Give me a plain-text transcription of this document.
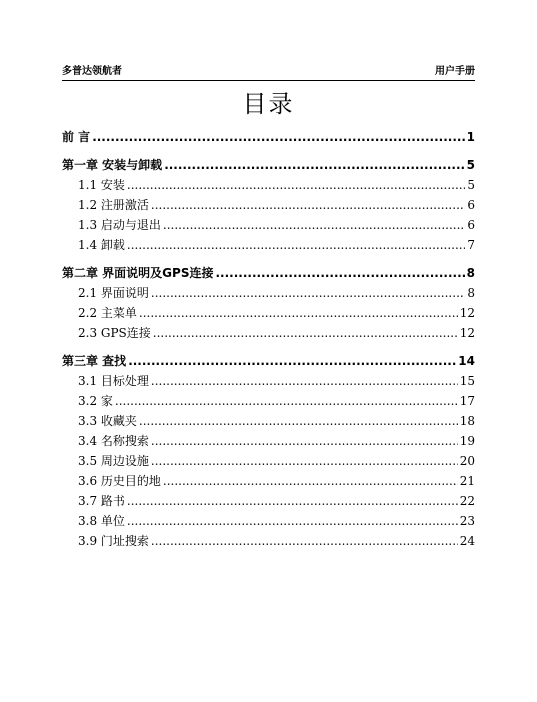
多普达领航者	用户手册
目录
前 言 .....	1
第一章 安装与卸载 .....	5
1.1 安装 .....	5
1.2 注册激活 .....	6
1.3 启动与退出 .....	6
1.4 卸载 .....	7
第二章 界面说明及GPS连接 .....	8
2.1 界面说明 .....	8
2.2 主菜单 .....	12
2.3 GPS连接 .....	12
第三章 查找 .....	14
3.1 目标处理 .....	15
3.2 家 .....	17
3.3 收藏夹 .....	18
3.4 名称搜索 .....	19
3.5 周边设施 .....	20
3.6 历史目的地 .....	21
3.7 路书 .....	22
3.8 单位 .....	23
3.9 门址搜索 .....	24
